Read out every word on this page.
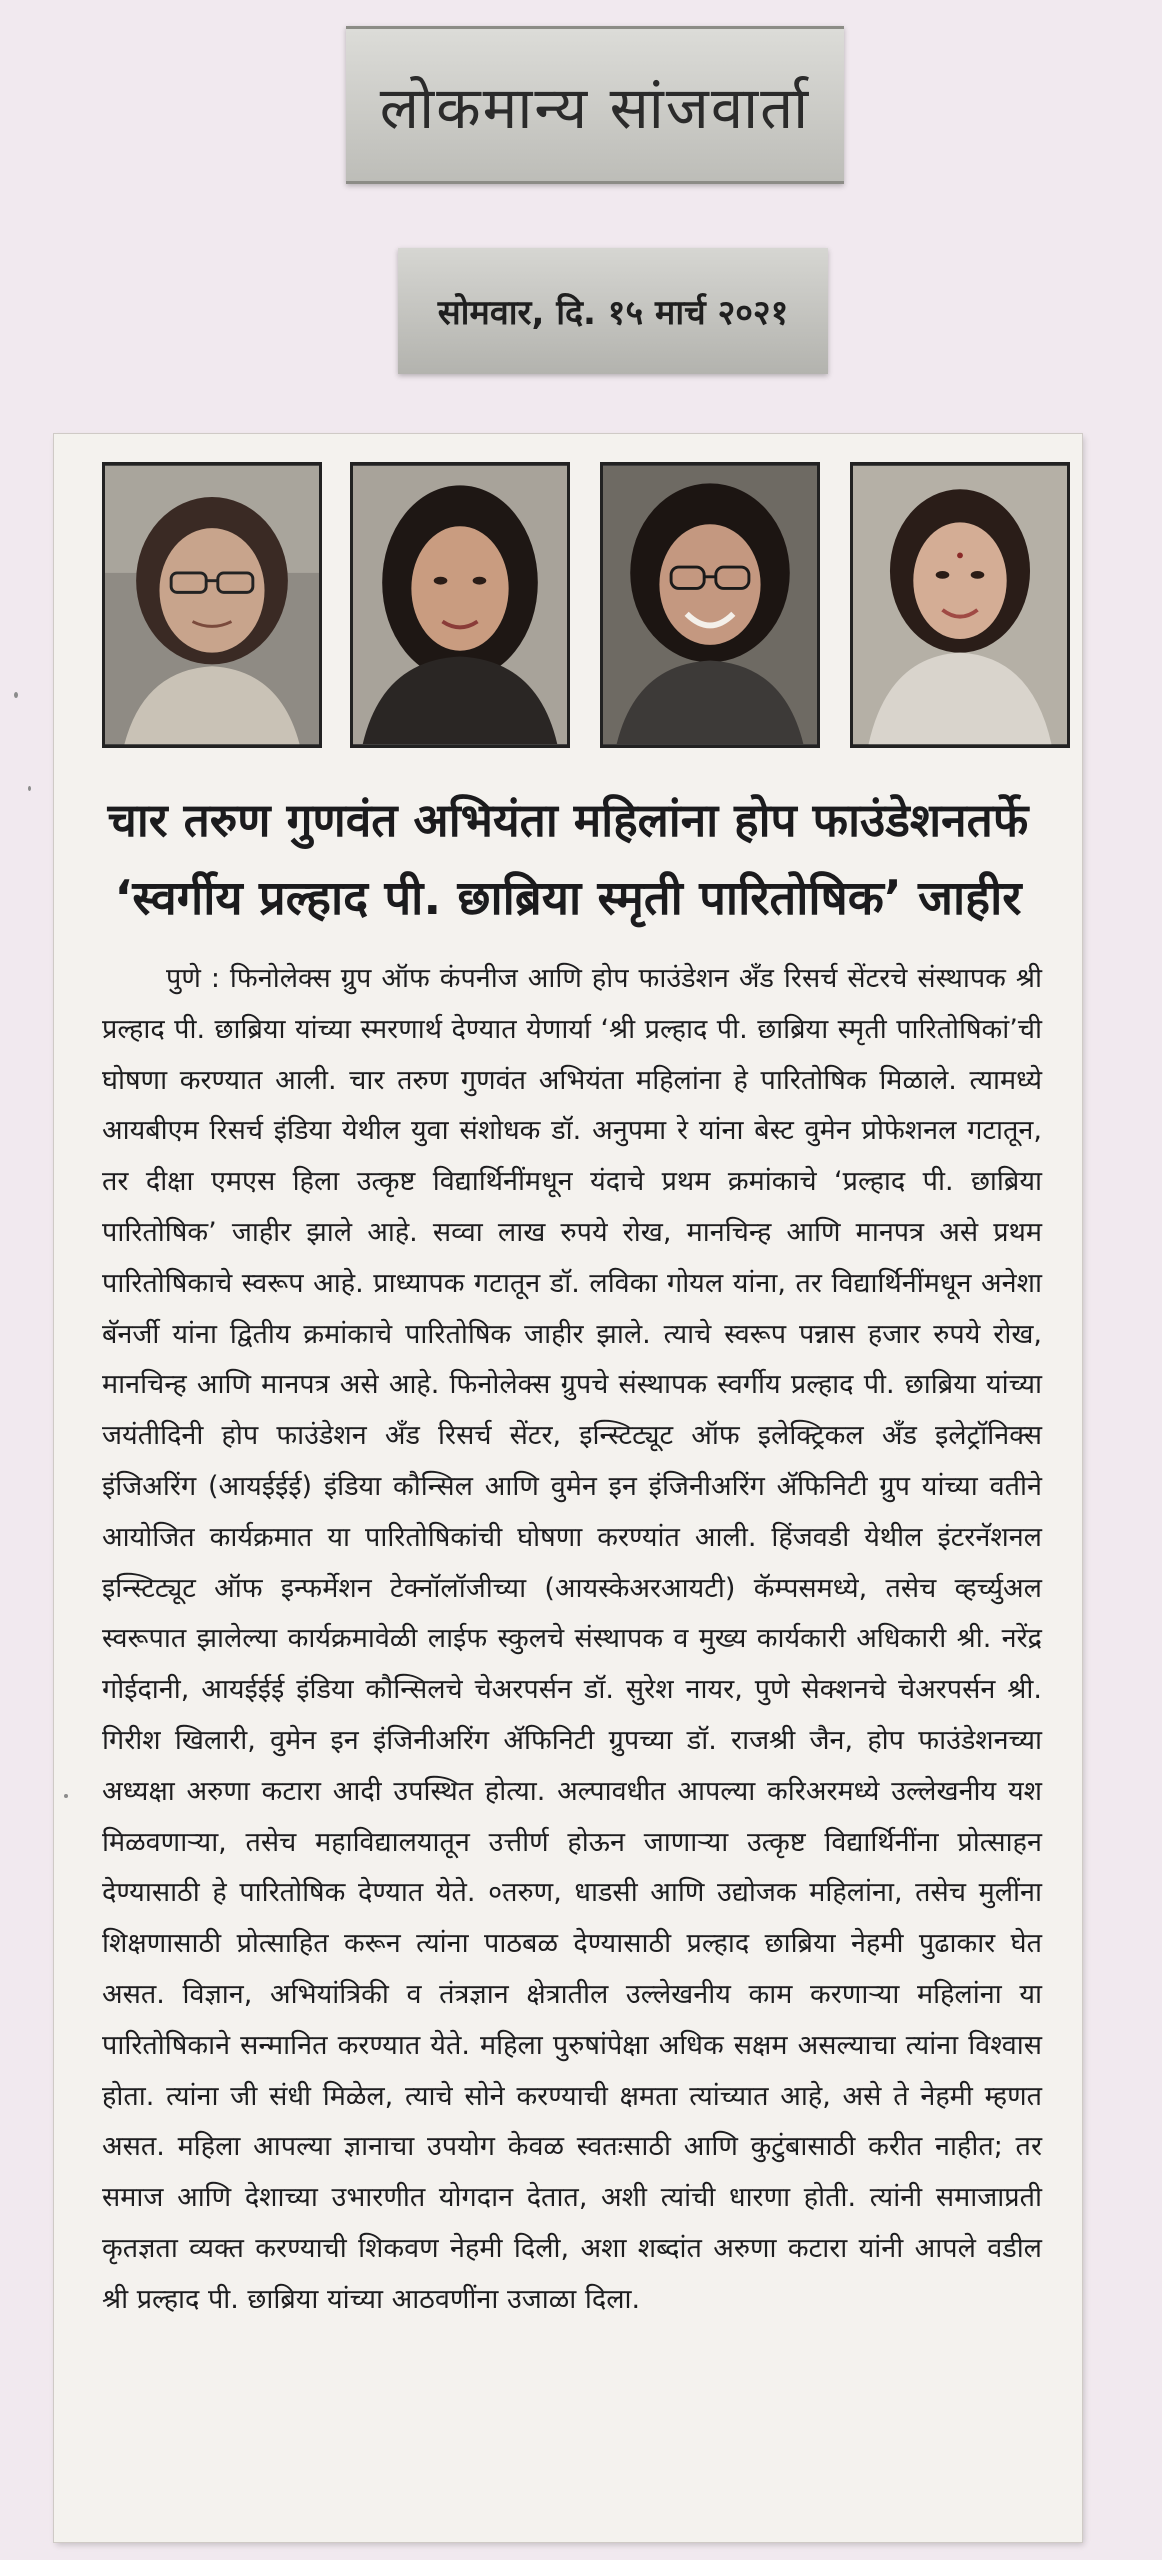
लोकमान्य सांजवार्ता
सोमवार, दि. १५ मार्च २०२१
चार तरुण गुणवंत अभियंता महिलांना होप फाउंडेशनतर्फे
‘स्वर्गीय प्रल्हाद पी. छाब्रिया स्मृती पारितोषिक’ जाहीर

पुणे : फिनोलेक्स ग्रुप ऑफ कंपनीज आणि होप फाउंडेशन अँड रिसर्च सेंटरचे संस्थापक श्री प्रल्हाद पी. छाब्रिया यांच्या स्मरणार्थ देण्यात येणार्या ‘श्री प्रल्हाद पी. छाब्रिया स्मृती पारितोषिकां’ची घोषणा करण्यात आली. चार तरुण गुणवंत अभियंता महिलांना हे पारितोषिक मिळाले. त्यामध्ये आयबीएम रिसर्च इंडिया येथील युवा संशोधक डॉ. अनुपमा रे यांना बेस्ट वुमेन प्रोफेशनल गटातून, तर दीक्षा एमएस हिला उत्कृष्ट विद्यार्थिनींमधून यंदाचे प्रथम क्रमांकाचे ‘प्रल्हाद पी. छाब्रिया पारितोषिक’ जाहीर झाले आहे. सव्वा लाख रुपये रोख, मानचिन्ह आणि मानपत्र असे प्रथम पारितोषिकाचे स्वरूप आहे. प्राध्यापक गटातून डॉ. लविका गोयल यांना, तर विद्यार्थिनींमधून अनेशा बॅनर्जी यांना द्वितीय क्रमांकाचे पारितोषिक जाहीर झाले. त्याचे स्वरूप पन्नास हजार रुपये रोख, मानचिन्ह आणि मानपत्र असे आहे. फिनोलेक्स ग्रुपचे संस्थापक स्वर्गीय प्रल्हाद पी. छाब्रिया यांच्या जयंतीदिनी होप फाउंडेशन अँड रिसर्च सेंटर, इन्स्टिट्यूट ऑफ इलेक्ट्रिकल अँड इलेट्रॉनिक्स इंजिअरिंग (आयईईई) इंडिया कौन्सिल आणि वुमेन इन इंजिनीअरिंग ॲफिनिटी ग्रुप यांच्या वतीने आयोजित कार्यक्रमात या पारितोषिकांची घोषणा करण्यांत आली. हिंजवडी येथील इंटरनॅशनल इन्स्टिट्यूट ऑफ इन्फर्मेशन टेक्नॉलॉजीच्या (आयस्केअरआयटी) कॅम्पसमध्ये, तसेच व्हर्च्युअल स्वरूपात झालेल्या कार्यक्रमावेळी लाईफ स्कुलचे संस्थापक व मुख्य कार्यकारी अधिकारी श्री. नरेंद्र गोईदानी, आयईईई इंडिया कौन्सिलचे चेअरपर्सन डॉ. सुरेश नायर, पुणे सेक्शनचे चेअरपर्सन श्री. गिरीश खिलारी, वुमेन इन इंजिनीअरिंग ॲफिनिटी ग्रुपच्या डॉ. राजश्री जैन, होप फाउंडेशनच्या अध्यक्षा अरुणा कटारा आदी उपस्थित होत्या. अल्पावधीत आपल्या करिअरमध्ये उल्लेखनीय यश मिळवणाऱ्या, तसेच महाविद्यालयातून उत्तीर्ण होऊन जाणाऱ्या उत्कृष्ट विद्यार्थिनींना प्रोत्साहन देण्यासाठी हे पारितोषिक देण्यात येते. ०तरुण, धाडसी आणि उद्योजक महिलांना, तसेच मुलींना शिक्षणासाठी प्रोत्साहित करून त्यांना पाठबळ देण्यासाठी प्रल्हाद छाब्रिया नेहमी पुढाकार घेत असत. विज्ञान, अभियांत्रिकी व तंत्रज्ञान क्षेत्रातील उल्लेखनीय काम करणाऱ्या महिलांना या पारितोषिकाने सन्मानित करण्यात येते. महिला पुरुषांपेक्षा अधिक सक्षम असल्याचा त्यांना विश्वास होता. त्यांना जी संधी मिळेल, त्याचे सोने करण्याची क्षमता त्यांच्यात आहे, असे ते नेहमी म्हणत असत. महिला आपल्या ज्ञानाचा उपयोग केवळ स्वतःसाठी आणि कुटुंबासाठी करीत नाहीत; तर समाज आणि देशाच्या उभारणीत योगदान देतात, अशी त्यांची धारणा होती. त्यांनी समाजाप्रती कृतज्ञता व्यक्त करण्याची शिकवण नेहमी दिली, अशा शब्दांत अरुणा कटारा यांनी आपले वडील श्री प्रल्हाद पी. छाब्रिया यांच्या आठवणींना उजाळा दिला.
